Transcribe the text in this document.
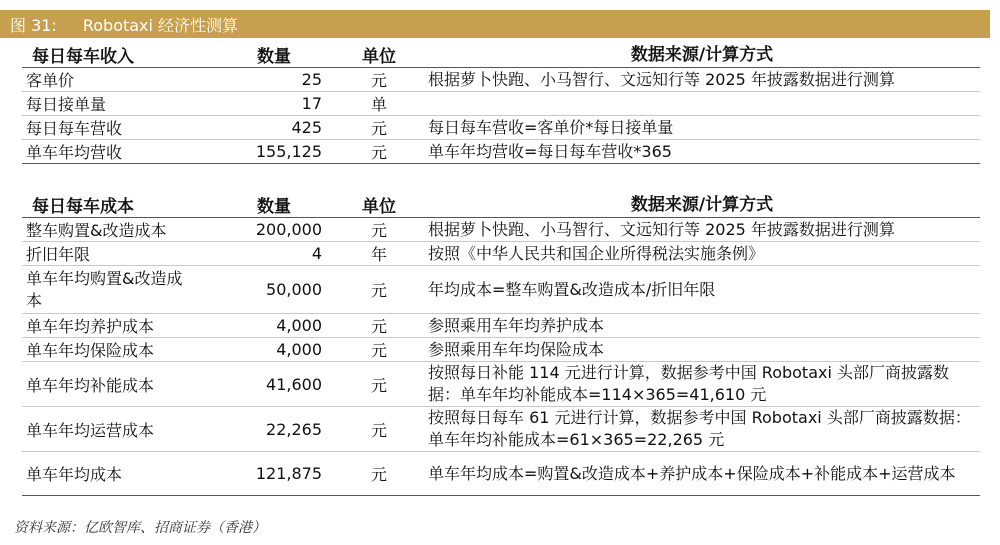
图 31: Robotaxi 经济性测算
每日每车收入	数量	单位	数据来源/计算方式
客单价	25	元	根据萝卜快跑、小马智行、文远知行等 2025 年披露数据进行测算
每日接单量	17	单	
每日每车营收	425	元	每日每车营收=客单价*每日接单量
单车年均营收	155,125	元	单车年均营收=每日每车营收*365
每日每车成本	数量	单位	数据来源/计算方式
整车购置&改造成本	200,000	元	根据萝卜快跑、小马智行、文远知行等 2025 年披露数据进行测算
折旧年限	4	年	按照《中华人民共和国企业所得税法实施条例》

单车年均购置&改造成本	50,000	元	年均成本=整车购置&改造成本/折旧年限
单车年均养护成本	4,000	元	参照乘用车年均养护成本
单车年均保险成本	4,000	元	参照乘用车年均保险成本
单车年均补能成本	41,600	元	按照每日补能 114 元进行计算，数据参考中国 Robotaxi 头部厂商披露数据：单车年均补能成本=114×365=41,610 元
单车年均运营成本	22,265	元	按照每日每车 61 元进行计算，数据参考中国 Robotaxi 头部厂商披露数据：单车年均补能成本=61×365=22,265 元
单车年均成本	121,875	元	单车年均成本=购置&改造成本+养护成本+保险成本+补能成本+运营成本
资料来源：亿欧智库、招商证券（香港）
